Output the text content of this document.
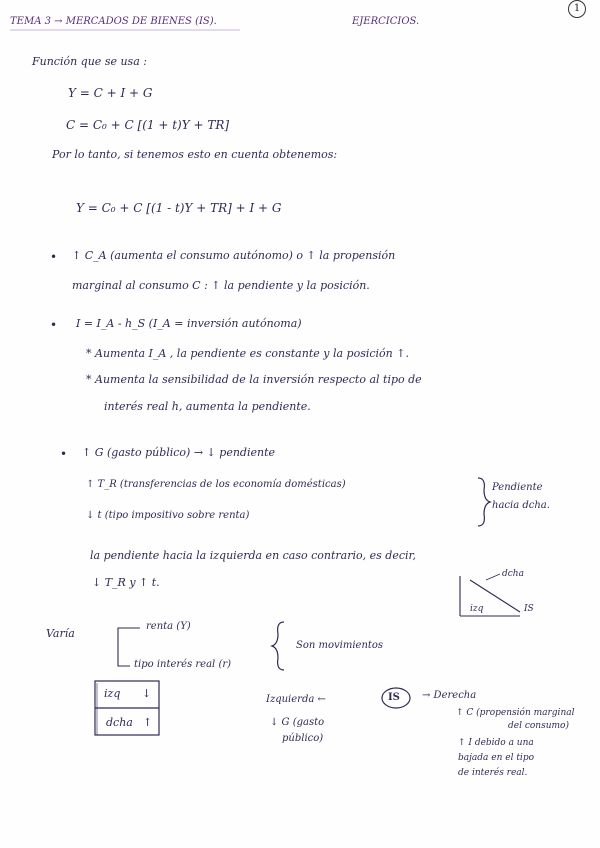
1
TEMA 3 → MERCADOS DE BIENES (IS).	EJERCICIOS.
Función que se usa :
Y = C + I + G
C = C₀ + C [(1 + t)Y + TR]
Por lo tanto, si tenemos esto en cuenta obtenemos:
Y = C₀ + C [(1 - t)Y + TR] + I + G
• ↑ C_A (aumenta el consumo autónomo) o ↑ la propensión
marginal al consumo C : ↑ la pendiente y la posición.
• I = I_A - h_S (I_A = inversión autónoma)
* Aumenta I_A , la pendiente es constante y la posición ↑.
* Aumenta la sensibilidad de la inversión respecto al tipo de
interés real h, aumenta la pendiente.
• ↑ G (gasto público) → ↓ pendiente
↑ T_R (transferencias de los economía domésticas)
↓ t (tipo impositivo sobre renta)
Pendiente
hacia dcha.
la pendiente hacia la izquierda en caso contrario, es decir,
↓ T_R y ↑ t.
dcha
izq	IS
Varía
renta (Y)
tipo interés real (r)
Son movimientos
izq ↓
dcha ↑
Izquierda ←	IS → Derecha
↓ G (gasto
público)
↑ C (propensión marginal
del consumo)
↑ I debido a una
bajada en el tipo
de interés real.
